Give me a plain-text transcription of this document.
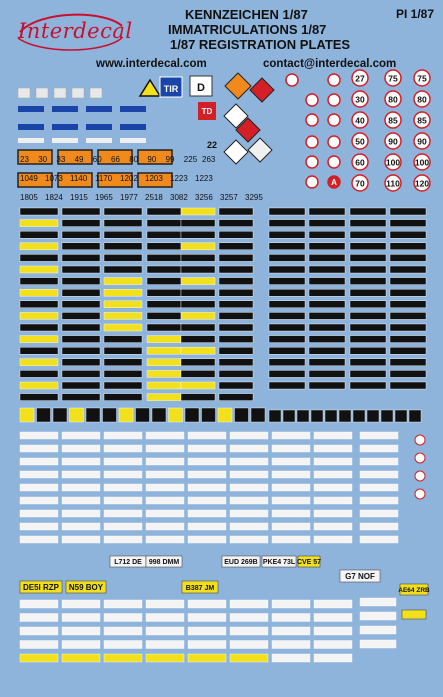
Interdecal
KENNZEICHEN 1/87	PI 1/87
IMMATRICULATIONS 1/87
1/87 REGISTRATION PLATES
www.interdecal.com	contact@interdecal.com
TIR D
TD
22
27	75 75
30	80 80
40	85 85
50	90 90
60 100 100
70	110 120
A
23 30 33 49 60 66 80 90 99 225 263
1049 1073 1140 1170 1202 1203 1223 1223
1805 1824 1915 1965 1977 2518 3082 3256 3257 3295
DE5I RZP N59 BOY	B387 JM
L712 DE 998 DMM	EUD 269B PKE4 73L CVE 57
G7 NOF
AE64 ZRB
